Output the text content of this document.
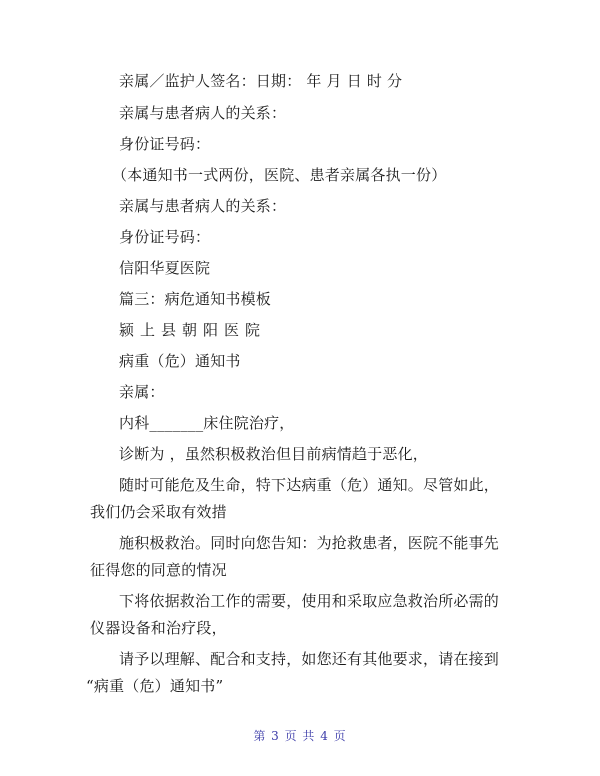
亲属／监护人签名：日期： 年 月 日 时 分
亲属与患者病人的关系：
身份证号码：
（本通知书一式两份，医院、患者亲属各执一份）
亲属与患者病人的关系：
身份证号码：
信阳华夏医院
篇三：病危通知书模板
颍上县朝阳医院
病重（危）通知书
亲属：
内科_______床住院治疗，
诊断为 ，虽然积极救治但目前病情趋于恶化，
随时可能危及生命，特下达病重（危）通知。尽管如此，
我们仍会采取有效措
施积极救治。同时向您告知：为抢救患者，医院不能事先
征得您的同意的情况
下将依据救治工作的需要，使用和采取应急救治所必需的
仪器设备和治疗段，
请予以理解、配合和支持，如您还有其他要求，请在接到
“病重（危）通知书”
第 3 页 共 4 页
